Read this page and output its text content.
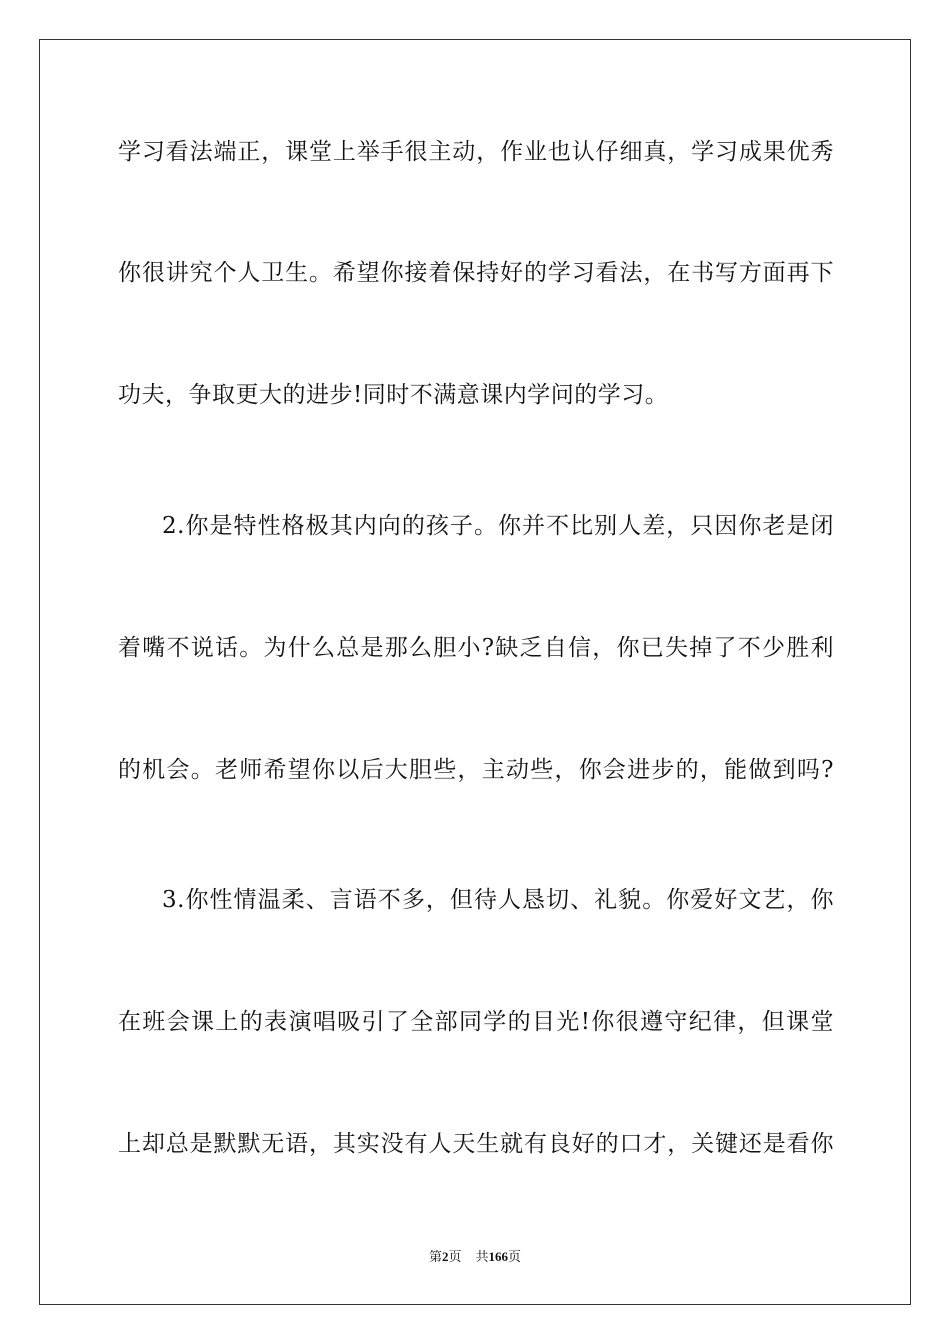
学习看法端正，课堂上举手很主动，作业也认仔细真，学习成果优秀
你很讲究个人卫生。希望你接着保持好的学习看法，在书写方面再下
功夫，争取更大的进步!同时不满意课内学问的学习。
2.你是特性格极其内向的孩子。你并不比别人差，只因你老是闭
着嘴不说话。为什么总是那么胆小?缺乏自信，你已失掉了不少胜利
的机会。老师希望你以后大胆些，主动些，你会进步的，能做到吗?
3.你性情温柔、言语不多，但待人恳切、礼貌。你爱好文艺，你
在班会课上的表演唱吸引了全部同学的目光!你很遵守纪律，但课堂
上却总是默默无语，其实没有人天生就有良好的口才，关键还是看你
第2页 共166页
